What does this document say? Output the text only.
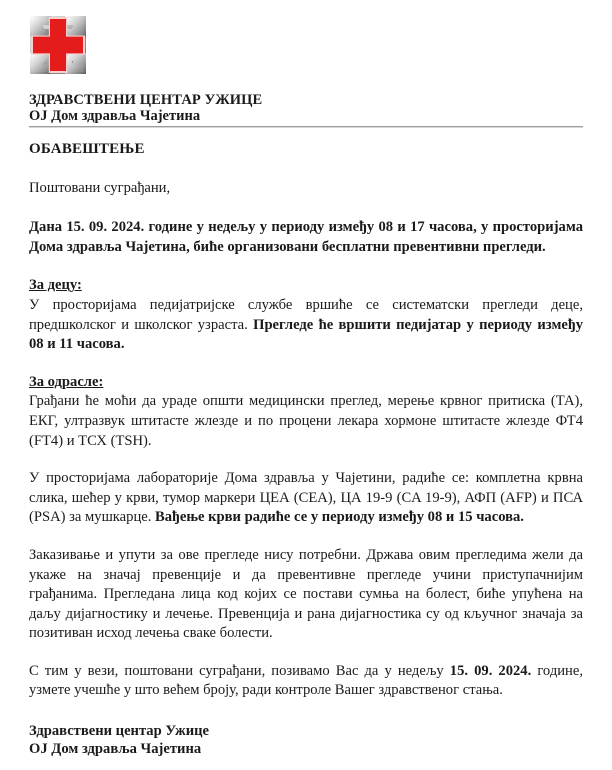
ЗДРАВСТВЕНИ ЦЕНТАР УЖИЦЕ
ОЈ Дом здравља Чајетина

ОБАВЕШТЕЊЕ

Поштовани суграђани,

Дана 15. 09. 2024. године у недељу у периоду између 08 и 17 часова, у просторијама Дома здравља Чајетина, биће организовани бесплатни превентивни прегледи.

За децу:

У просторијама педијатријске службе вршиће се систематски прегледи деце, предшколског и школског узраста. Прегледе ће вршити педијатар у периоду између 08 и 11 часова.

За одрасле:

Грађани ће моћи да ураде општи медицински преглед, мерење крвног притиска (ТА), ЕКГ, ултразвук штитасте жлезде и по процени лекара хормоне штитасте жлезде ФТ4 (FT4) и ТСХ (TSH).

У просторијама лабораторије Дома здравља у Чајетини, радиће се: комплетна крвна слика, шећер у крви, тумор маркери ЦЕА (CEA), ЦА 19-9 (CA 19-9), АФП (AFP) и ПСА (PSA) за мушкарце. Вађење крви радиће се у периоду између 08 и 15 часова.

Заказивање и упути за ове прегледе нису потребни. Држава овим прегледима жели да укаже на значај превенције и да превентивне прегледе учини приступачнијим грађанима. Прегледана лица код којих се постави сумња на болест, биће упућена на даљу дијагностику и лечење. Превенција и рана дијагностика су од кључног значаја за позитиван исход лечења сваке болести.

С тим у вези, поштовани суграђани, позивамо Вас да у недељу 15. 09. 2024. године, узмете учешће у што већем броју, ради контроле Вашег здравственог стања.

Здравствени центар Ужице
ОЈ Дом здравља Чајетина
